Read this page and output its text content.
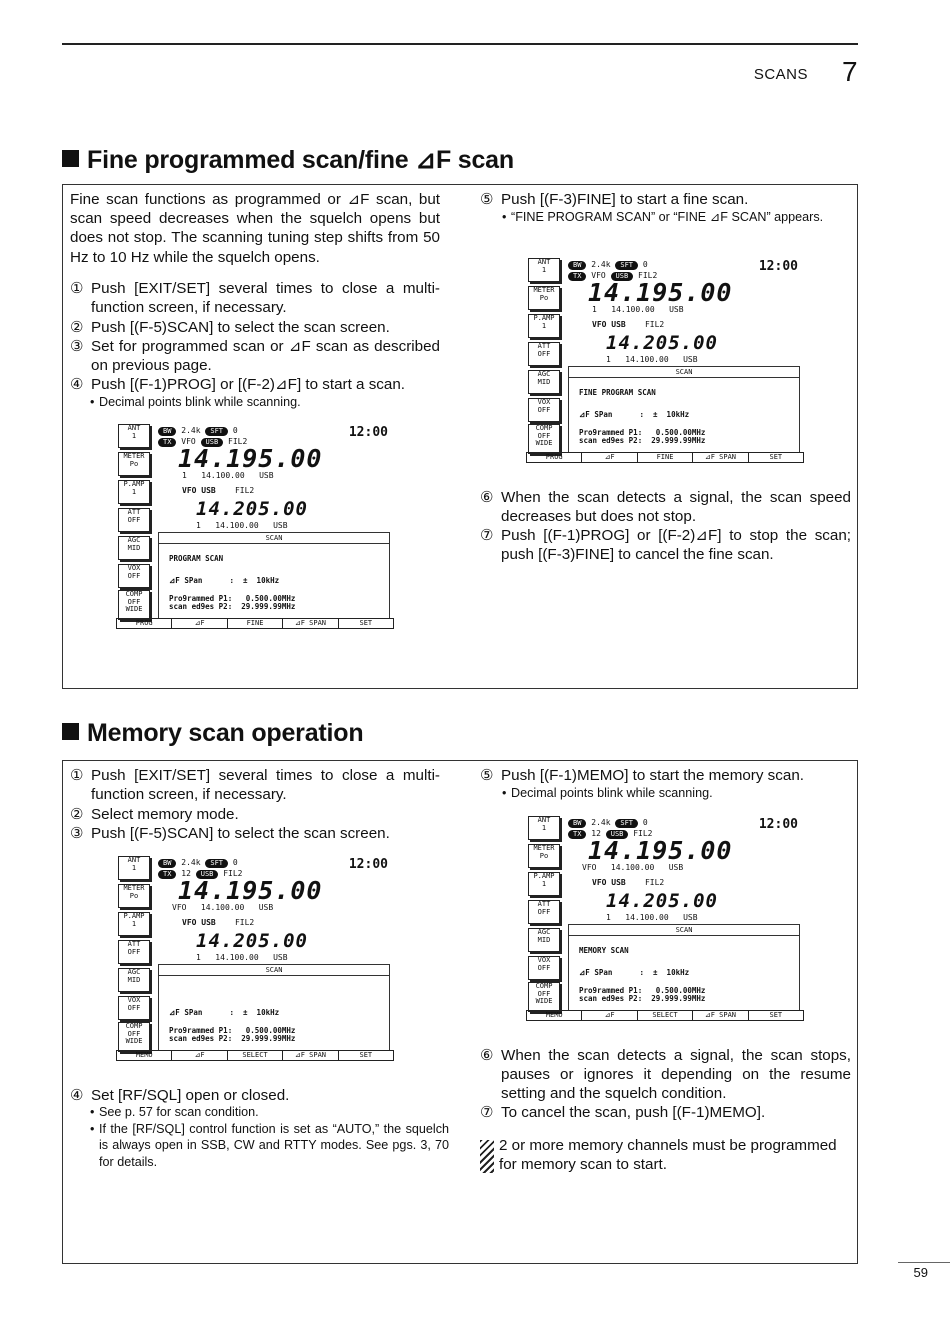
SCANS 7
Fine programmed scan/fine ⊿F scan
Fine scan functions as programmed or ⊿F scan, but scan speed decreases when the squelch opens but does not stop. The scanning tuning step shifts from 50 Hz to 10 Hz while the squelch opens.
① Push [EXIT/SET] several times to close a multi-function screen, if necessary.
② Push [(F-5)SCAN] to select the scan screen.
③ Set for programmed scan or ⊿F scan as described on previous page.
④ Push [(F-1)PROG] or [(F-2)⊿F] to start a scan.
• Decimal points blink while scanning.
⑤ Push [(F-3)FINE] to start a fine scan.
• “FINE PROGRAM SCAN” or “FINE ⊿F SCAN” appears.
⑥ When the scan detects a signal, the scan speed decreases but does not stop.
⑦ Push [(F-1)PROG] or [(F-2)⊿F] to stop the scan; push [(F-3)FINE] to cancel the fine scan.
Memory scan operation
① Push [EXIT/SET] several times to close a multi-function screen, if necessary.
② Select memory mode.
③ Push [(F-5)SCAN] to select the scan screen.
④ Set [RF/SQL] open or closed.
• See p. 57 for scan condition.
• If the [RF/SQL] control function is set as “AUTO,” the squelch is always open in SSB, CW and RTTY modes. See pgs. 3, 70 for details.
⑤ Push [(F-1)MEMO] to start the memory scan.
• Decimal points blink while scanning.
⑥ When the scan detects a signal, the scan stops, pauses or ignores it depending on the resume setting and the squelch condition.
⑦ To cancel the scan, push [(F-1)MEMO].
2 or more memory channels must be programmed for memory scan to start.
ANT
1
METER
Po
P.AMP
1
ATT
OFF
AGC
MID
VOX
OFF
COMP
OFF
WIDE
BW 2.4k SFT 0	12:00
TX VFO USB FIL2
14.195.00
1 14.100.00 USB
VFO USB FIL2
14.205.00
1 14.100.00 USB
SCAN
PROGRAM SCAN
⊿F SPan      :  ±  10kHz
Pro9rammed P1:   0.500.00MHz
scan ed9es P2:  29.999.99MHz
PROG	⊿F	FINE	⊿F SPAN	SET
ANT
1
METER
Po
P.AMP
1
ATT
OFF
AGC
MID
VOX
OFF
COMP
OFF
WIDE
BW 2.4k SFT 0	12:00
TX VFO USB FIL2
14.195.00
1 14.100.00 USB
VFO USB FIL2
14.205.00
1 14.100.00 USB
SCAN
FINE PROGRAM SCAN
⊿F SPan      :  ±  10kHz
Pro9rammed P1:   0.500.00MHz
scan ed9es P2:  29.999.99MHz
PROG	⊿F	FINE	⊿F SPAN	SET
ANT
1
METER
Po
P.AMP
1
ATT
OFF
AGC
MID
VOX
OFF
COMP
OFF
WIDE
BW 2.4k SFT 0	12:00
TX 12 USB FIL2
14.195.00
VFO 14.100.00 USB
VFO USB FIL2
14.205.00
1 14.100.00 USB
SCAN
⊿F SPan      :  ±  10kHz
Pro9rammed P1:   0.500.00MHz
scan ed9es P2:  29.999.99MHz
MEMO	⊿F	SELECT	⊿F SPAN	SET
ANT
1
METER
Po
P.AMP
1
ATT
OFF
AGC
MID
VOX
OFF
COMP
OFF
WIDE
BW 2.4k SFT 0	12:00
TX 12 USB FIL2
14.195.00
VFO 14.100.00 USB
VFO USB FIL2
14.205.00
1 14.100.00 USB
SCAN
MEMORY SCAN
⊿F SPan      :  ±  10kHz
Pro9rammed P1:   0.500.00MHz
scan ed9es P2:  29.999.99MHz
MEMO	⊿F	SELECT	⊿F SPAN	SET
59
